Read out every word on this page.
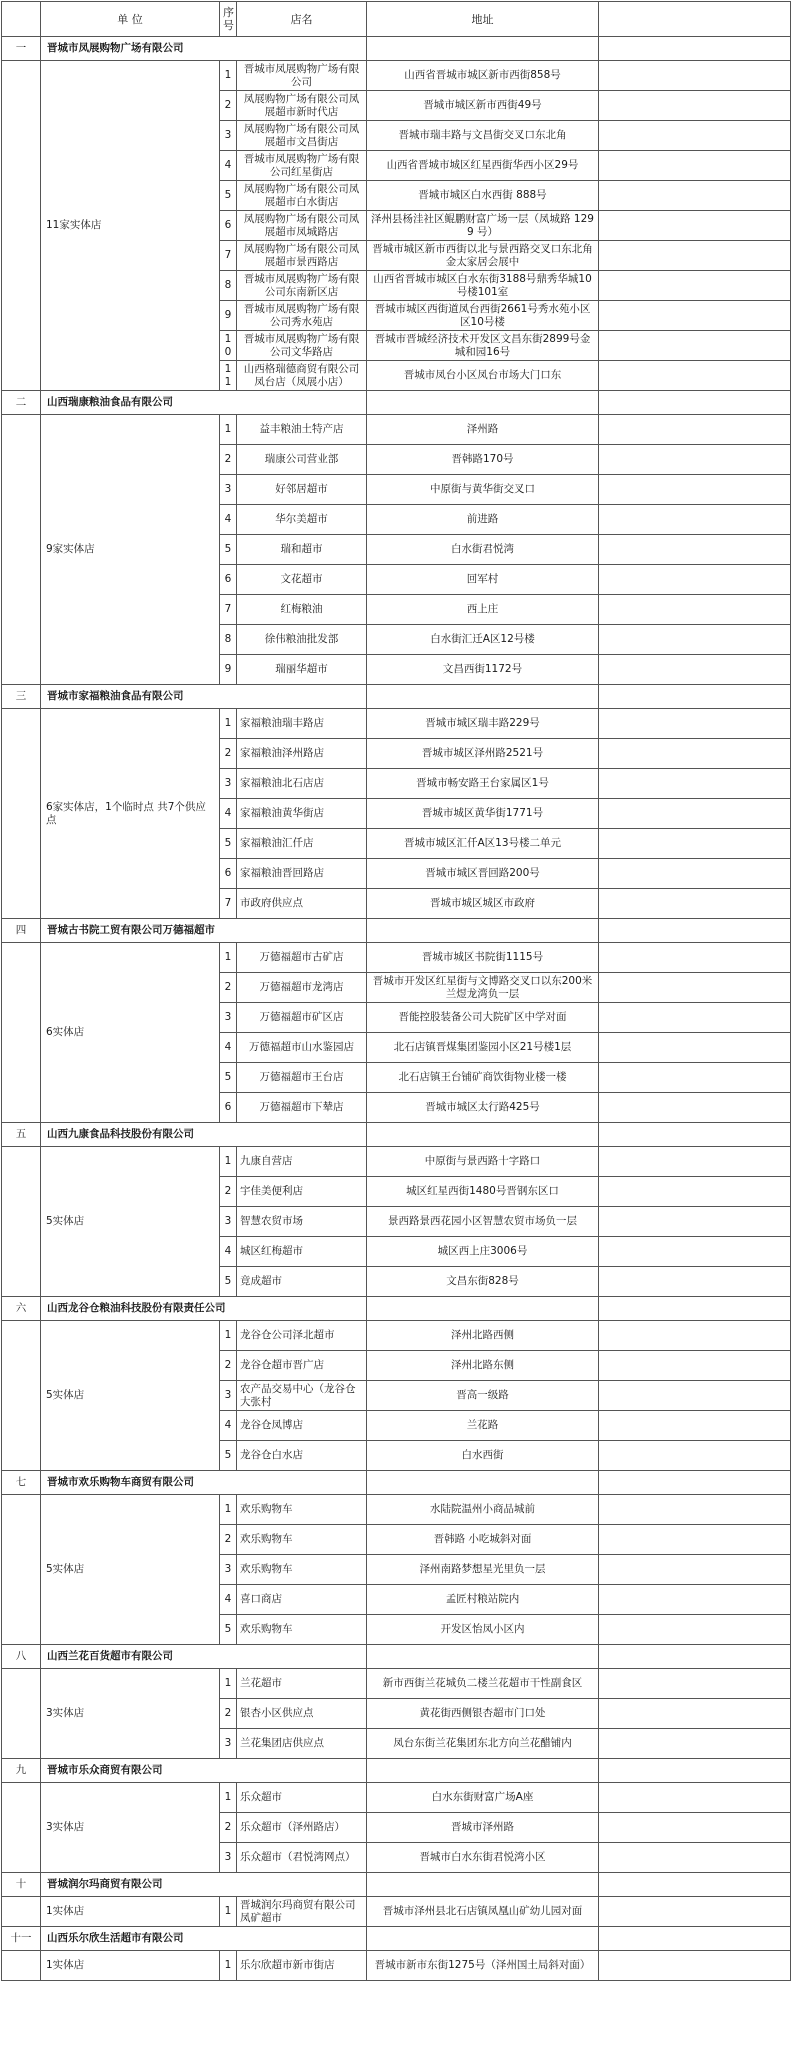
	单 位	序号	店名	地址	
一	晋城市凤展购物广场有限公司				
	11家实体店	1	晋城市凤展购物广场有限公司	山西省晋城市城区新市西街858号	
		2	凤展购物广场有限公司凤展超市新时代店	晋城市城区新市西街49号	
		3	凤展购物广场有限公司凤展超市文昌街店	晋城市瑞丰路与文昌街交叉口东北角	
		4	晋城市凤展购物广场有限公司红星街店	山西省晋城市城区红星西街华西小区29号	
		5	凤展购物广场有限公司凤展超市白水街店	晋城市城区白水西街 888号	
		6	凤展购物广场有限公司凤展超市凤城路店	泽州县杨洼社区鲲鹏财富广场一层（凤城路 1299 号）	
		7	凤展购物广场有限公司凤展超市景西路店	晋城市城区新市西街以北与景西路交叉口东北角金太家居会展中	
		8	晋城市凤展购物广场有限公司东南新区店	山西省晋城市城区白水东街3188号鼎秀华城10号楼101室	
		9	晋城市凤展购物广场有限公司秀水苑店	晋城市城区西街道凤台西街2661号秀水苑小区区10号楼	
		10	晋城市凤展购物广场有限公司文华路店	晋城市晋城经济技术开发区文昌东街2899号金城和园16号	
		11	山西格瑞德商贸有限公司凤台店（凤展小店）	晋城市凤台小区凤台市场大门口东	
二	山西瑞康粮油食品有限公司				
	9家实体店	1	益丰粮油土特产店	泽州路	
		2	瑞康公司营业部	晋韩路170号	
		3	好邻居超市	中原街与黄华街交叉口	
		4	华尔美超市	前进路	
		5	瑞和超市	白水街君悦湾	
		6	文花超市	回军村	
		7	红梅粮油	西上庄	
		8	徐伟粮油批发部	白水街汇迁A区12号楼	
		9	瑞丽华超市	文昌西街1172号	
三	晋城市家福粮油食品有限公司				
	6家实体店，1个临时点 共7个供应点	1	家福粮油瑞丰路店	晋城市城区瑞丰路229号	
		2	家福粮油泽州路店	晋城市城区泽州路2521号	
		3	家福粮油北石店店	晋城市畅安路王台家属区1号	
		4	家福粮油黄华街店	晋城市城区黄华街1771号	
		5	家福粮油汇仟店	晋城市城区汇仟A区13号楼二单元	
		6	家福粮油晋回路店	晋城市城区晋回路200号	
		7	市政府供应点	晋城市城区城区市政府	
四	晋城古书院工贸有限公司万德福超市				
	6实体店	1	万德福超市古矿店	晋城市城区书院街1115号	
		2	万德福超市龙湾店	晋城市开发区红星街与文博路交叉口以东200米兰煜龙湾负一层	
		3	万德福超市矿区店	晋能控股装备公司大院矿区中学对面	
		4	万德福超市山水鉴园店	北石店镇晋煤集团鉴园小区21号楼1层	
		5	万德福超市王台店	北石店镇王台铺矿商饮街物业楼一楼	
		6	万德福超市下辇店	晋城市城区太行路425号	
五	山西九康食品科技股份有限公司				
	5实体店	1	九康自营店	中原街与景西路十字路口	
		2	宇佳美便利店	城区红星西街1480号晋钢东区口	
		3	智慧农贸市场	景西路景西花园小区智慧农贸市场负一层	
		4	城区红梅超市	城区西上庄3006号	
		5	竟成超市	文昌东街828号	
六	山西龙谷仓粮油科技股份有限责任公司				
	5实体店	1	龙谷仓公司泽北超市	泽州北路西侧	
		2	龙谷仓超市晋广店	泽州北路东侧	
		3	农产品交易中心（龙谷仓大张村	晋高一级路	
		4	龙谷仓凤博店	兰花路	
		5	龙谷仓白水店	白水西街	
七	晋城市欢乐购物车商贸有限公司				
	5实体店	1	欢乐购物车	水陆院温州小商品城前	
		2	欢乐购物车	晋韩路 小吃城斜对面	
		3	欢乐购物车	泽州南路梦想星光里负一层	
		4	喜口商店	孟匠村粮站院内	
		5	欢乐购物车	开发区怡凤小区内	
八	山西兰花百货超市有限公司				
	3实体店	1	兰花超市	新市西街兰花城负二楼兰花超市干性副食区	
		2	银杏小区供应点	黄花街西侧银杏超市门口处	
		3	兰花集团店供应点	凤台东街兰花集团东北方向兰花醋铺内	
九	晋城市乐众商贸有限公司				
	3实体店	1	乐众超市	白水东街财富广场A座	
		2	乐众超市（泽州路店）	晋城市泽州路	
		3	乐众超市（君悦湾网点）	晋城市白水东街君悦湾小区	
十	晋城润尔玛商贸有限公司				
	1实体店	1	晋城润尔玛商贸有限公司凤矿超市	晋城市泽州县北石店镇凤凰山矿幼儿园对面	
十一	山西乐尔欣生活超市有限公司				
	1实体店	1	乐尔欣超市新市街店	晋城市新市东街1275号（泽州国土局斜对面）	
